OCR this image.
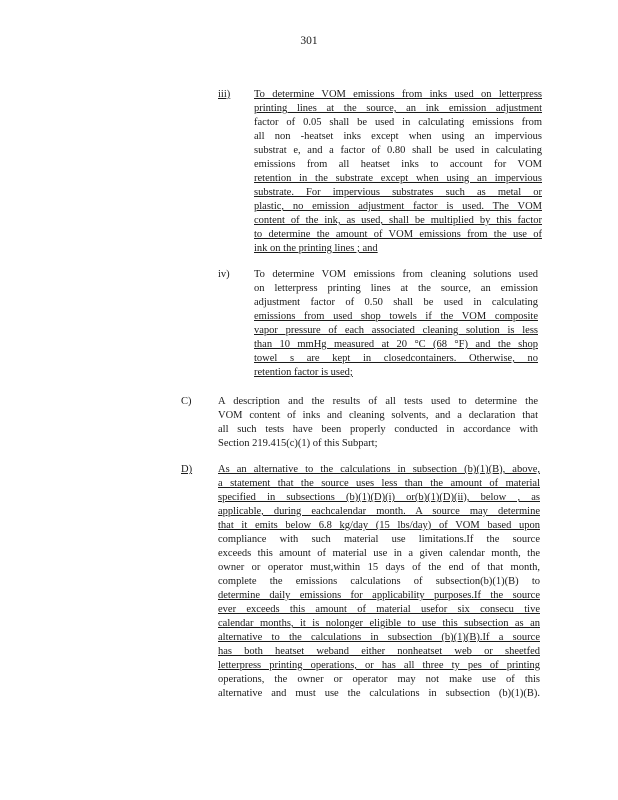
301
iii) To determine VOM emissions from inks used on letterpress
printing lines at the source, an ink emission adjustment
factor of 0.05 shall be used in calculating emissions from
all non -heatset inks except when using an impervious
substrat e, and a factor of 0.80 shall be used in calculating
emissions from all heatset inks to account for VOM
retention in the substrate except when using an impervious
substrate. For impervious substrates such as metal or
plastic, no emission adjustment factor is used. The VOM
content of the ink, as used, shall be multiplied by this factor
to determine the amount of VOM emissions from the use of
ink on the printing lines ; and
iv) To determine VOM emissions from cleaning solutions used
on letterpress printing lines at the source, an emission
adjustment factor of 0.50 shall be used in calculating
emissions from used shop towels if the VOM composite
vapor pressure of each associated cleaning solution is less
than 10 mmHg measured at 20 °C (68 °F) and the shop
towel s are kept in closedcontainers. Otherwise, no
retention factor is used;
C)	A description and the results of all tests used to determine the
VOM content of inks and cleaning solvents, and a declaration that
all such tests have been properly conducted in accordance with
Section 219.415(c)(1) of this Subpart;
D) As an alternative to the calculations in subsection (b)(1)(B), above,
a statement that the source uses less than the amount of material
specified in subsections (b)(1)(D)(i) or(b)(1)(D)(ii), below , as
applicable, during eachcalendar month. A source may determine
that it emits below 6.8 kg/day (15 lbs/day) of VOM based upon
compliance with such material use limitations.If the source
exceeds this amount of material use in a given calendar month, the
owner or operator must,within 15 days of the end of that month,
complete the emissions calculations of subsection(b)(1)(B) to
determine daily emissions for applicability purposes.If the source
ever exceeds this amount of material usefor six consecu tive
calendar months, it is nolonger eligible to use this subsection as an
alternative to the calculations in subsection (b)(1)(B).If a source
has both heatset weband either nonheatset web or sheetfed
letterpress printing operations, or has all three ty pes of printing
operations, the owner or operator may not make use of this
alternative and must use the calculations in subsection (b)(1)(B).
